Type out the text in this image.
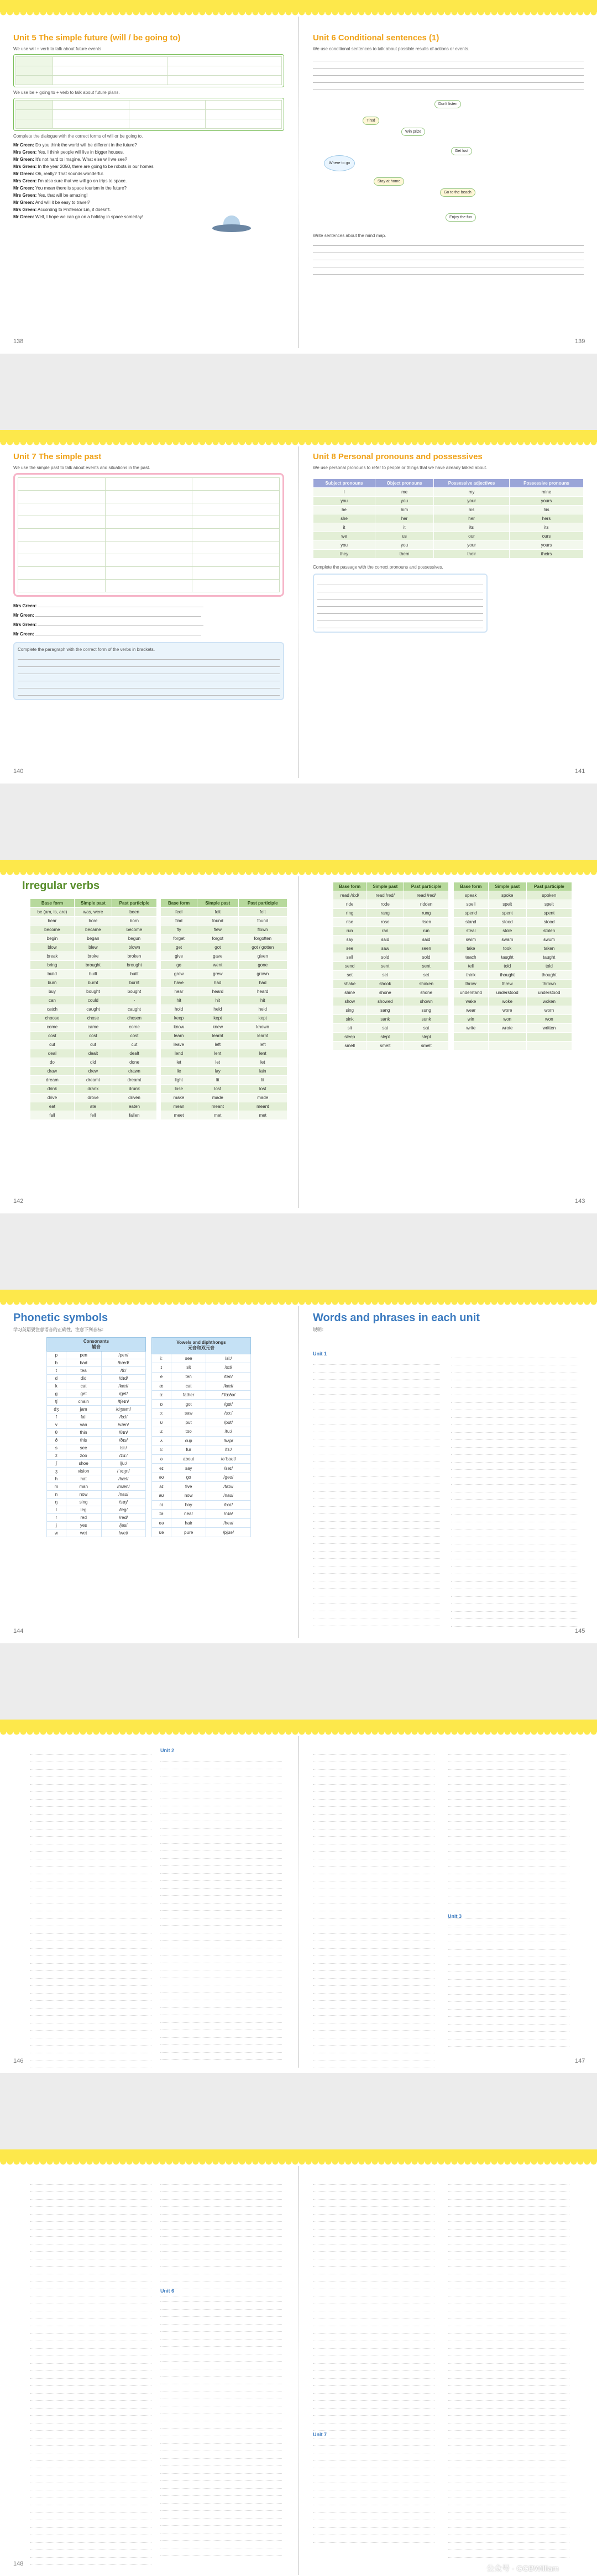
Unit 5 The simple future (will / be going to)
We use will + verb to talk about future events.

We use be + going to + verb to talk about future plans.

Complete the dialogue with the correct forms of will or be going to.
Mr Green: Do you think the world will be different in the future?
Mrs Green: Yes. I think people will live in bigger houses.
Mr Green: It's not hard to imagine. What else will we see?
Mrs Green: In the year 2050, there are going to be robots in our homes.
Mr Green: Oh, really? That sounds wonderful.
Mrs Green: I'm also sure that we will go on trips to space.
Mr Green: You mean there is space tourism in the future?
Mrs Green: Yes, that will be amazing!
Mr Green: And will it be easy to travel?
Mrs Green: According to Professor Lin, it doesn't.
Mr Green: Well, I hope we can go on a holiday in space someday!
138
Unit 6 Conditional sentences (1)
We use conditional sentences to talk about possible results of actions or events.
Where to go
Don't listen
Tired
Win prize
Get lost
Stay at home
Go to the beach
Enjoy the fun
Write sentences about the mind map.
139
Unit 7 The simple past
We use the simple past to talk about events and situations in the past.

Mrs Green:
Mr Green:
Mrs Green:
Mr Green:
Complete the paragraph with the correct form of the verbs in brackets.
140
Unit 8 Personal pronouns and possessives
We use personal pronouns to refer to people or things that we have already talked about.
Subject pronouns	Object pronouns	Possessive adjectives	Possessive pronouns
I	me	my	mine
you	you	your	yours
he	him	his	his
she	her	her	hers
it	it	its	its
we	us	our	ours
you	you	your	yours
they	them	their	theirs
Complete the passage with the correct pronouns and possessives.
141
Irregular verbs
Base form	Simple past	Past participle
be (am, is, are)	was, were	been
bear	bore	born
become	became	become
begin	began	begun
blow	blew	blown
break	broke	broken
bring	brought	brought
build	built	built
burn	burnt	burnt
buy	bought	bought
can	could	-
catch	caught	caught
choose	chose	chosen
come	came	come
cost	cost	cost
cut	cut	cut
deal	dealt	dealt
do	did	done
draw	drew	drawn
dream	dreamt	dreamt
drink	drank	drunk
drive	drove	driven
eat	ate	eaten
fall	fell	fallen
Base form	Simple past	Past participle
feel	felt	felt
find	found	found
fly	flew	flown
forget	forgot	forgotten
get	got	got / gotten
give	gave	given
go	went	gone
grow	grew	grown
have	had	had
hear	heard	heard
hit	hit	hit
hold	held	held
keep	kept	kept
know	knew	known
learn	learnt	learnt
leave	left	left
lend	lent	lent
let	let	let
lie	lay	lain
light	lit	lit
lose	lost	lost
make	made	made
mean	meant	meant
meet	met	met
Base form	Simple past	Past participle
read /ri:d/	read /red/	read /red/
ride	rode	ridden
ring	rang	rung
rise	rose	risen
run	ran	run
say	said	said
see	saw	seen
sell	sold	sold
send	sent	sent
set	set	set
shake	shook	shaken
shine	shone	shone
show	showed	shown
sing	sang	sung
sink	sank	sunk
sit	sat	sat
sleep	slept	slept
smell	smelt	smelt
Base form	Simple past	Past participle
speak	spoke	spoken
spell	spelt	spelt
spend	spent	spent
stand	stood	stood
steal	stole	stolen
swim	swam	swum
take	took	taken
teach	taught	taught
tell	told	told
think	thought	thought
throw	threw	thrown
understand	understood	understood
wake	woke	woken
wear	wore	worn
win	won	won
write	wrote	written

142	143
Phonetic symbols
学习英语要注意语音的正确性，注意下列音标：
Consonants
辅音		

p	pen	/pen/
b	bad	/bæd/
t	tea	/ti:/
d	did	/dɪd/
k	cat	/kæt/
g	get	/get/
tʃ	chain	/tʃeɪn/
dʒ	jam	/dʒæm/
f	fall	/fɔ:l/
v	van	/væn/
θ	thin	/θɪn/
ð	this	/ðɪs/
s	see	/si:/
z	zoo	/zu:/
ʃ	shoe	/ʃu:/
ʒ	vision	/ˈvɪʒn/
h	hat	/hæt/
m	man	/mæn/
n	now	/naʊ/
ŋ	sing	/sɪŋ/
l	leg	/leg/
r	red	/red/
j	yes	/jes/
w	wet	/wet/
Vowels and diphthongs
元音和双元音		

i:	see	/si:/
ɪ	sit	/sɪt/
e	ten	/ten/
æ	cat	/kæt/
ɑ:	father	/ˈfɑ:ðə/
ɒ	got	/gɒt/
ɔ:	saw	/sɔ:/
ʊ	put	/pʊt/
u:	too	/tu:/
ʌ	cup	/kʌp/
ɜ:	fur	/fɜ:/
ə	about	/əˈbaʊt/
eɪ	say	/seɪ/
əʊ	go	/gəʊ/
aɪ	five	/faɪv/
aʊ	now	/naʊ/
ɔɪ	boy	/bɔɪ/
ɪə	near	/nɪə/
eə	hair	/heə/
ʊə	pure	/pjʊə/
144
Words and phrases in each unit
说明：
Unit 1
145
Unit 2
Unit 3
146	147
Unit 6
Unit 7
148	公众号 · GGBWilliam
